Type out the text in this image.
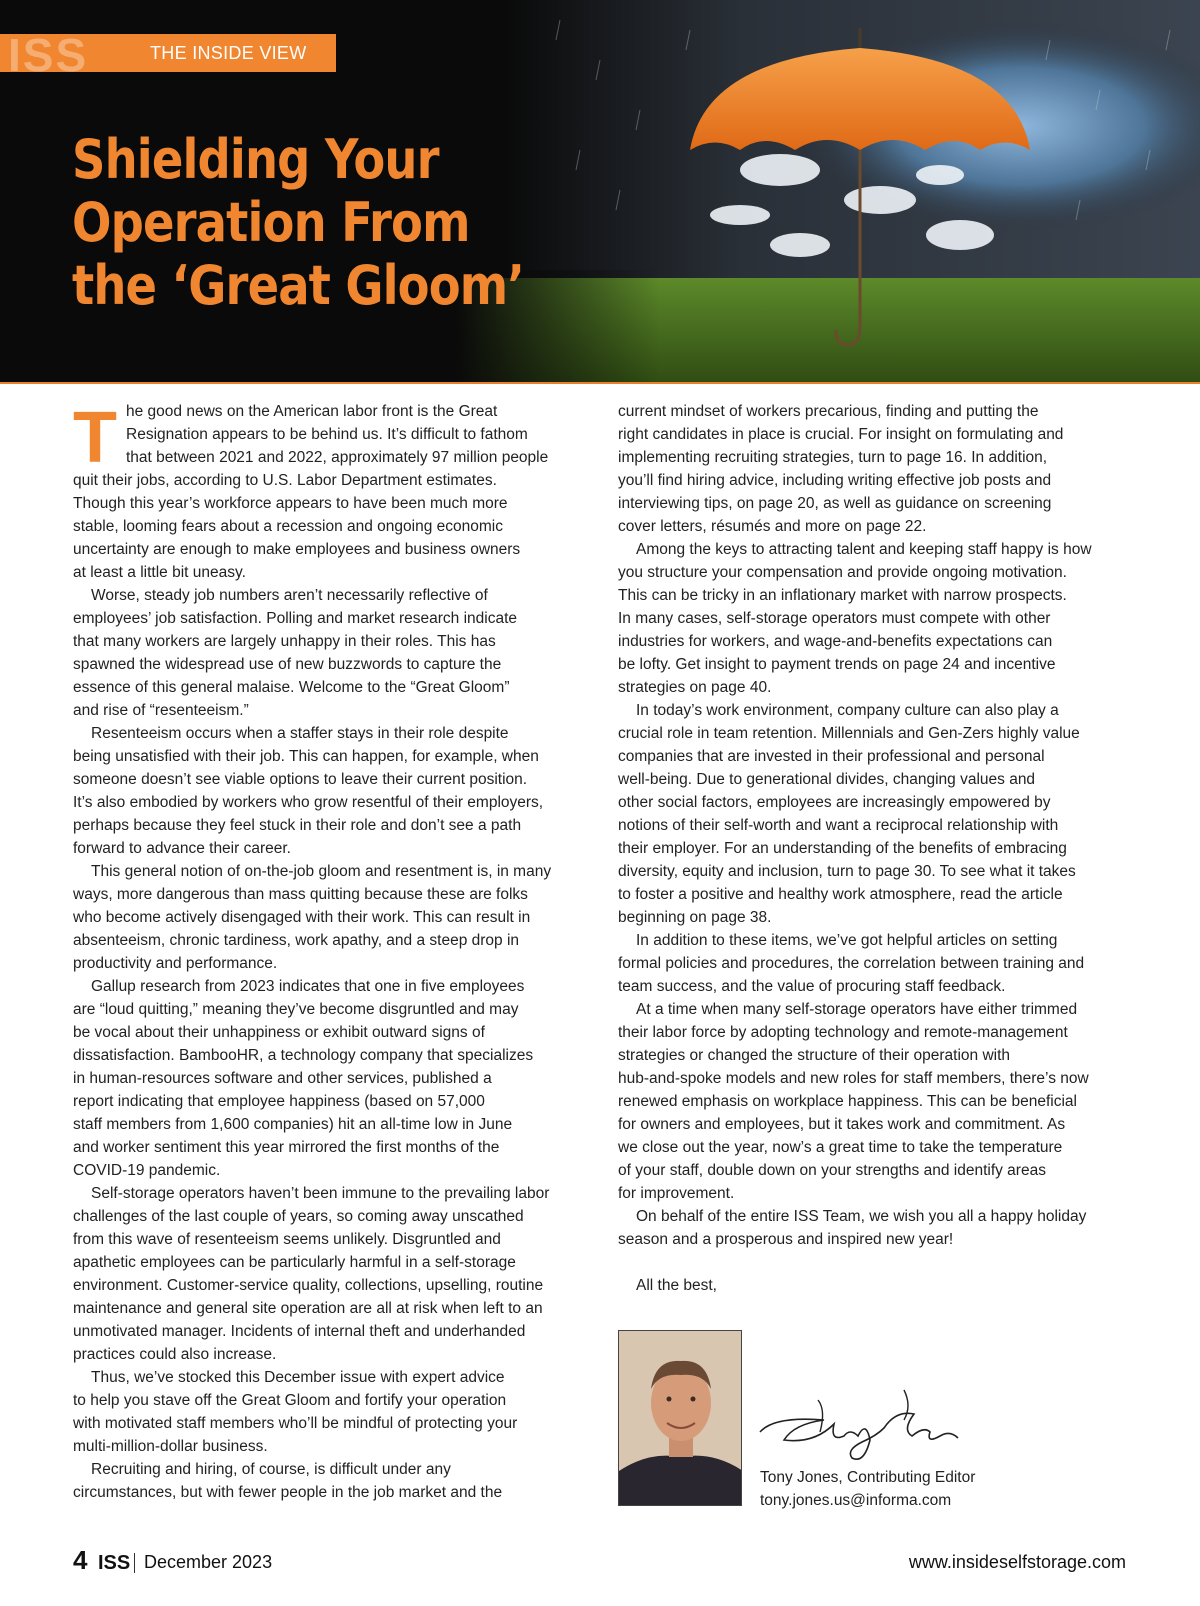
ISS	THE INSIDE VIEW
Shielding Your
Operation From
the ‘Great Gloom’
T he good news on the American labor front is the Great
Resignation appears to be behind us. It’s difficult to fathom
that between 2021 and 2022, approximately 97 million people
quit their jobs, according to U.S. Labor Department estimates.
Though this year’s workforce appears to have been much more
stable, looming fears about a recession and ongoing economic
uncertainty are enough to make employees and business owners
at least a little bit uneasy.
Worse, steady job numbers aren’t necessarily reflective of
employees’ job satisfaction. Polling and market research indicate
that many workers are largely unhappy in their roles. This has
spawned the widespread use of new buzzwords to capture the
essence of this general malaise. Welcome to the “Great Gloom”
and rise of “resenteeism.”
Resenteeism occurs when a staffer stays in their role despite
being unsatisfied with their job. This can happen, for example, when
someone doesn’t see viable options to leave their current position.
It’s also embodied by workers who grow resentful of their employers,
perhaps because they feel stuck in their role and don’t see a path
forward to advance their career.
This general notion of on-the-job gloom and resentment is, in many
ways, more dangerous than mass quitting because these are folks
who become actively disengaged with their work. This can result in
absenteeism, chronic tardiness, work apathy, and a steep drop in
productivity and performance.
Gallup research from 2023 indicates that one in five employees
are “loud quitting,” meaning they’ve become disgruntled and may
be vocal about their unhappiness or exhibit outward signs of
dissatisfaction. BambooHR, a technology company that specializes
in human-resources software and other services, published a
report indicating that employee happiness (based on 57,000
staff members from 1,600 companies) hit an all-time low in June
and worker sentiment this year mirrored the first months of the
COVID-19 pandemic.
Self-storage operators haven’t been immune to the prevailing labor
challenges of the last couple of years, so coming away unscathed
from this wave of resenteeism seems unlikely. Disgruntled and
apathetic employees can be particularly harmful in a self-storage
environment. Customer-service quality, collections, upselling, routine
maintenance and general site operation are all at risk when left to an
unmotivated manager. Incidents of internal theft and underhanded
practices could also increase.
Thus, we’ve stocked this December issue with expert advice
to help you stave off the Great Gloom and fortify your operation
with motivated staff members who’ll be mindful of protecting your
multi-million-dollar business.
Recruiting and hiring, of course, is difficult under any
circumstances, but with fewer people in the job market and the
current mindset of workers precarious, finding and putting the
right candidates in place is crucial. For insight on formulating and
implementing recruiting strategies, turn to page 16. In addition,
you’ll find hiring advice, including writing effective job posts and
interviewing tips, on page 20, as well as guidance on screening
cover letters, résumés and more on page 22.
Among the keys to attracting talent and keeping staff happy is how
you structure your compensation and provide ongoing motivation.
This can be tricky in an inflationary market with narrow prospects.
In many cases, self-storage operators must compete with other
industries for workers, and wage-and-benefits expectations can
be lofty. Get insight to payment trends on page 24 and incentive
strategies on page 40.
In today’s work environment, company culture can also play a
crucial role in team retention. Millennials and Gen-Zers highly value
companies that are invested in their professional and personal
well-being. Due to generational divides, changing values and
other social factors, employees are increasingly empowered by
notions of their self-worth and want a reciprocal relationship with
their employer. For an understanding of the benefits of embracing
diversity, equity and inclusion, turn to page 30. To see what it takes
to foster a positive and healthy work atmosphere, read the article
beginning on page 38.
In addition to these items, we’ve got helpful articles on setting
formal policies and procedures, the correlation between training and
team success, and the value of procuring staff feedback.
At a time when many self-storage operators have either trimmed
their labor force by adopting technology and remote-management
strategies or changed the structure of their operation with
hub-and-spoke models and new roles for staff members, there’s now
renewed emphasis on workplace happiness. This can be beneficial
for owners and employees, but it takes work and commitment. As
we close out the year, now’s a great time to take the temperature
of your staff, double down on your strengths and identify areas
for improvement.
On behalf of the entire ISS Team, we wish you all a happy holiday
season and a prosperous and inspired new year!
All the best,
Tony Jones, Contributing Editor
tony.jones.us@informa.com
4 ISS December 2023	www.insideselfstorage.com
